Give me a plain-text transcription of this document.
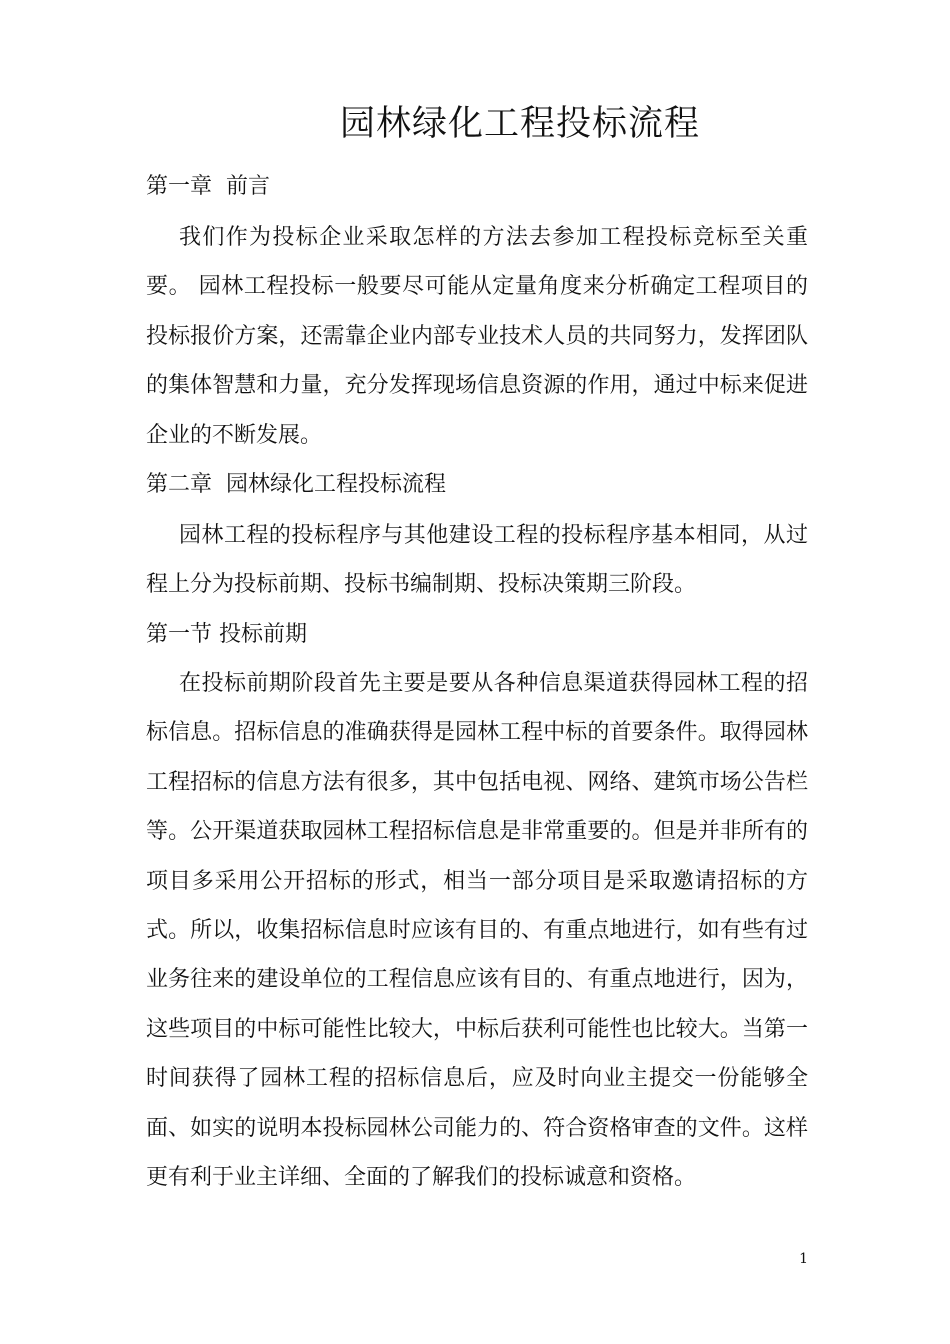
园林绿化工程投标流程
第一章  前言

我们作为投标企业采取怎样的方法去参加工程投标竞标至关重要。 园林工程投标一般要尽可能从定量角度来分析确定工程项目的投标报价方案，还需靠企业内部专业技术人员的共同努力，发挥团队的集体智慧和力量，充分发挥现场信息资源的作用，通过中标来促进企业的不断发展。

第二章  园林绿化工程投标流程

园林工程的投标程序与其他建设工程的投标程序基本相同，从过程上分为投标前期、投标书编制期、投标决策期三阶段。

第一节 投标前期

在投标前期阶段首先主要是要从各种信息渠道获得园林工程的招标信息。招标信息的准确获得是园林工程中标的首要条件。取得园林工程招标的信息方法有很多，其中包括电视、网络、建筑市场公告栏等。公开渠道获取园林工程招标信息是非常重要的。但是并非所有的项目多采用公开招标的形式，相当一部分项目是采取邀请招标的方式。所以，收集招标信息时应该有目的、有重点地进行，如有些有过业务往来的建设单位的工程信息应该有目的、有重点地进行，因为，这些项目的中标可能性比较大，中标后获利可能性也比较大。当第一时间获得了园林工程的招标信息后，应及时向业主提交一份能够全面、如实的说明本投标园林公司能力的、符合资格审查的文件。这样更有利于业主详细、全面的了解我们的投标诚意和资格。

1
